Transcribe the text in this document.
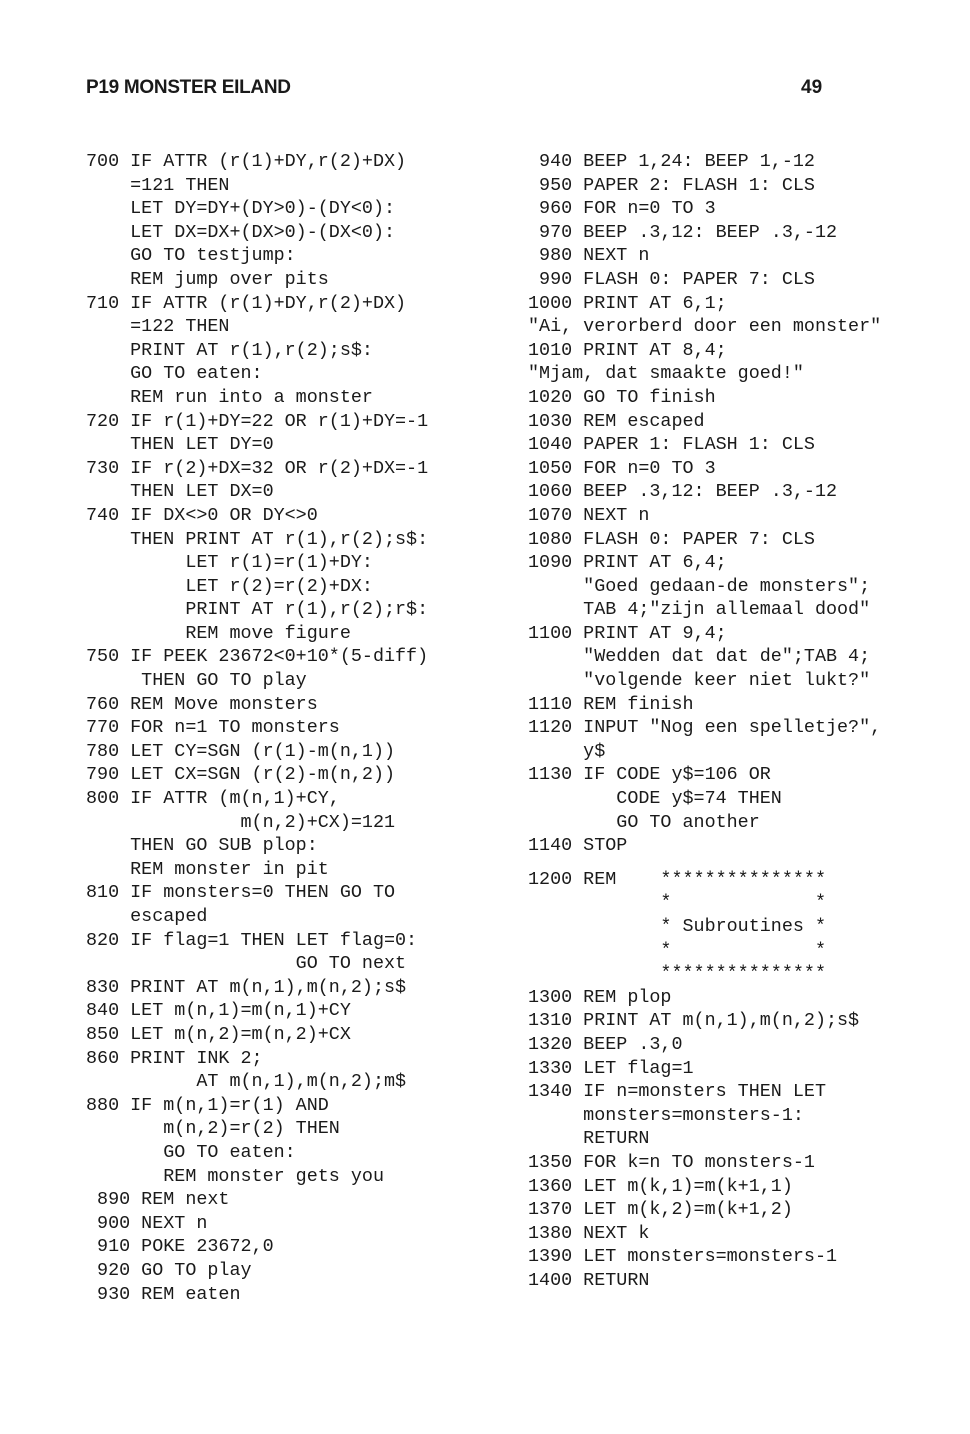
P19 MONSTER EILAND	49
700 IF ATTR (r(1)+DY,r(2)+DX)
=121 THEN
LET DY=DY+(DY>0)-(DY<0):
LET DX=DX+(DX>0)-(DX<0):
GO TO testjump:
REM jump over pits
710 IF ATTR (r(1)+DY,r(2)+DX)
=122 THEN
PRINT AT r(1),r(2);s$:
GO TO eaten:
REM run into a monster
720 IF r(1)+DY=22 OR r(1)+DY=-1
THEN LET DY=0
730 IF r(2)+DX=32 OR r(2)+DX=-1
THEN LET DX=0
740 IF DX<>0 OR DY<>0
THEN PRINT AT r(1),r(2);s$:
LET r(1)=r(1)+DY:
LET r(2)=r(2)+DX:
PRINT AT r(1),r(2);r$:
REM move figure
750 IF PEEK 23672<0+10*(5-diff)
THEN GO TO play
760 REM Move monsters
770 FOR n=1 TO monsters
780 LET CY=SGN (r(1)-m(n,1))
790 LET CX=SGN (r(2)-m(n,2))
800 IF ATTR (m(n,1)+CY,
m(n,2)+CX)=121
THEN GO SUB plop:
REM monster in pit
810 IF monsters=0 THEN GO TO
escaped
820 IF flag=1 THEN LET flag=0:
GO TO next
830 PRINT AT m(n,1),m(n,2);s$
840 LET m(n,1)=m(n,1)+CY
850 LET m(n,2)=m(n,2)+CX
860 PRINT INK 2;
AT m(n,1),m(n,2);m$
880 IF m(n,1)=r(1) AND
m(n,2)=r(2) THEN
GO TO eaten:
REM monster gets you
890 REM next
900 NEXT n
910 POKE 23672,0
920 GO TO play
930 REM eaten
940 BEEP 1,24: BEEP 1,-12
950 PAPER 2: FLASH 1: CLS
960 FOR n=0 TO 3
970 BEEP .3,12: BEEP .3,-12
980 NEXT n
990 FLASH 0: PAPER 7: CLS
1000 PRINT AT 6,1;
"Ai, verorberd door een monster"
1010 PRINT AT 8,4;
"Mjam, dat smaakte goed!"
1020 GO TO finish
1030 REM escaped
1040 PAPER 1: FLASH 1: CLS
1050 FOR n=0 TO 3
1060 BEEP .3,12: BEEP .3,-12
1070 NEXT n
1080 FLASH 0: PAPER 7: CLS
1090 PRINT AT 6,4;
"Goed gedaan-de monsters";
TAB 4;"zijn allemaal dood"
1100 PRINT AT 9,4;
"Wedden dat dat de";TAB 4;
"volgende keer niet lukt?"
1110 REM finish
1120 INPUT "Nog een spelletje?",
y$
1130 IF CODE y$=106 OR
CODE y$=74 THEN
GO TO another
1140 STOP
1200 REM    ***************
*             *
* Subroutines *
*             *
***************
1300 REM plop
1310 PRINT AT m(n,1),m(n,2);s$
1320 BEEP .3,0
1330 LET flag=1
1340 IF n=monsters THEN LET
monsters=monsters-1:
RETURN
1350 FOR k=n TO monsters-1
1360 LET m(k,1)=m(k+1,1)
1370 LET m(k,2)=m(k+1,2)
1380 NEXT k
1390 LET monsters=monsters-1
1400 RETURN
